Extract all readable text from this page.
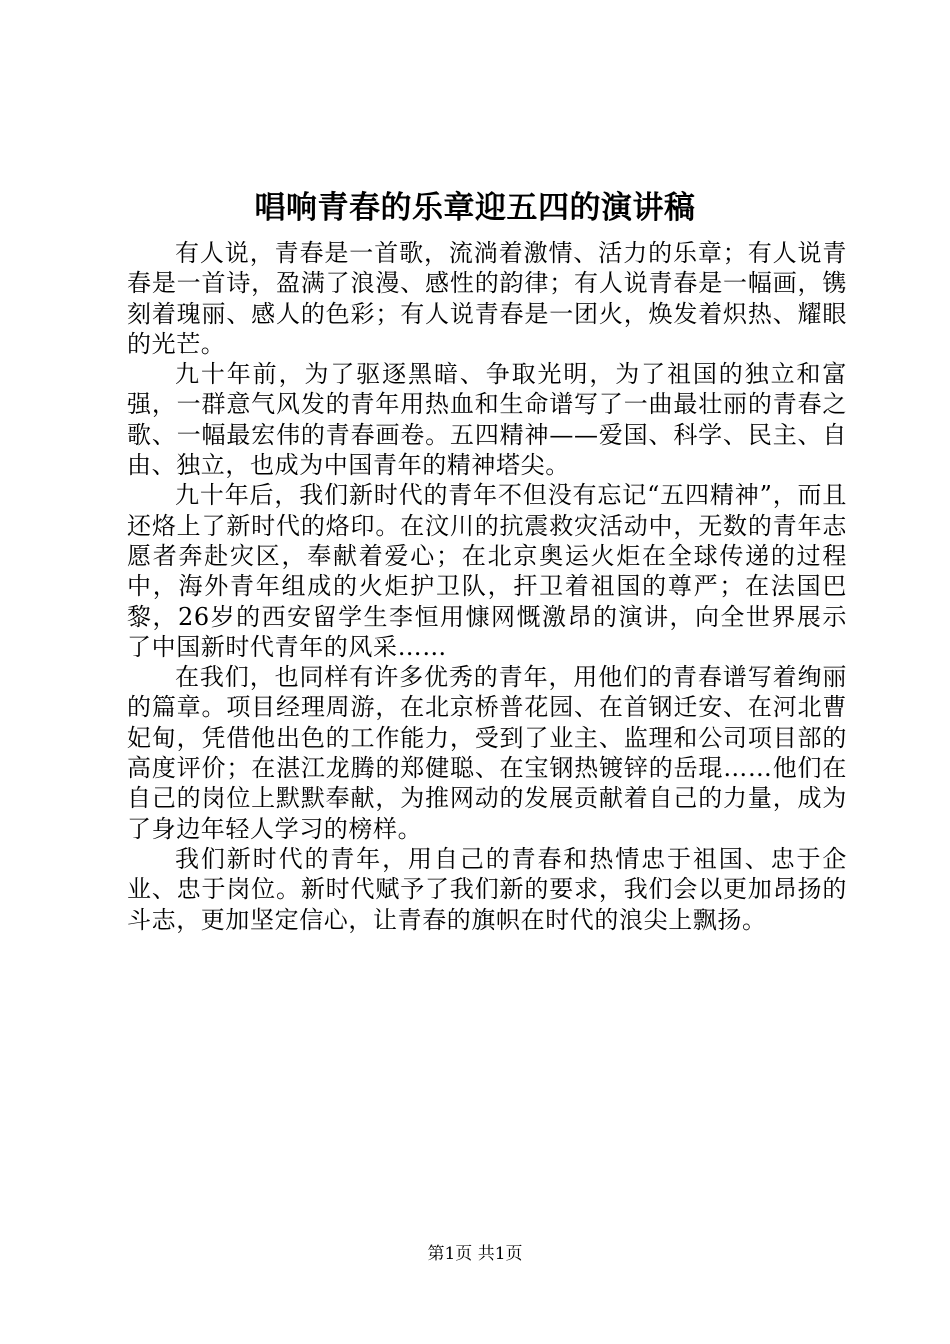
唱响青春的乐章迎五四的演讲稿

有人说，青春是一首歌，流淌着激情、活力的乐章；有人说青春是一首诗，盈满了浪漫、感性的韵律；有人说青春是一幅画，镌刻着瑰丽、感人的色彩；有人说青春是一团火，焕发着炽热、耀眼的光芒。

九十年前，为了驱逐黑暗、争取光明，为了祖国的独立和富强，一群意气风发的青年用热血和生命谱写了一曲最壮丽的青春之歌、一幅最宏伟的青春画卷。五四精神——爱国、科学、民主、自由、独立，也成为中国青年的精神塔尖。

九十年后，我们新时代的青年不但没有忘记“五四精神”，而且还烙上了新时代的烙印。在汶川的抗震救灾活动中，无数的青年志愿者奔赴灾区，奉献着爱心；在北京奥运火炬在全球传递的过程中，海外青年组成的火炬护卫队，扞卫着祖国的尊严；在法国巴黎，26岁的西安留学生李恒用慷网慨激昂的演讲，向全世界展示了中国新时代青年的风采……

在我们，也同样有许多优秀的青年，用他们的青春谱写着绚丽的篇章。项目经理周游，在北京桥普花园、在首钢迁安、在河北曹妃甸，凭借他出色的工作能力，受到了业主、监理和公司项目部的高度评价；在湛江龙腾的郑健聪、在宝钢热镀锌的岳琨……他们在自己的岗位上默默奉献，为推网动的发展贡献着自己的力量，成为了身边年轻人学习的榜样。

我们新时代的青年，用自己的青春和热情忠于祖国、忠于企业、忠于岗位。新时代赋予了我们新的要求，我们会以更加昂扬的斗志，更加坚定信心，让青春的旗帜在时代的浪尖上飘扬。

第1页 共1页
